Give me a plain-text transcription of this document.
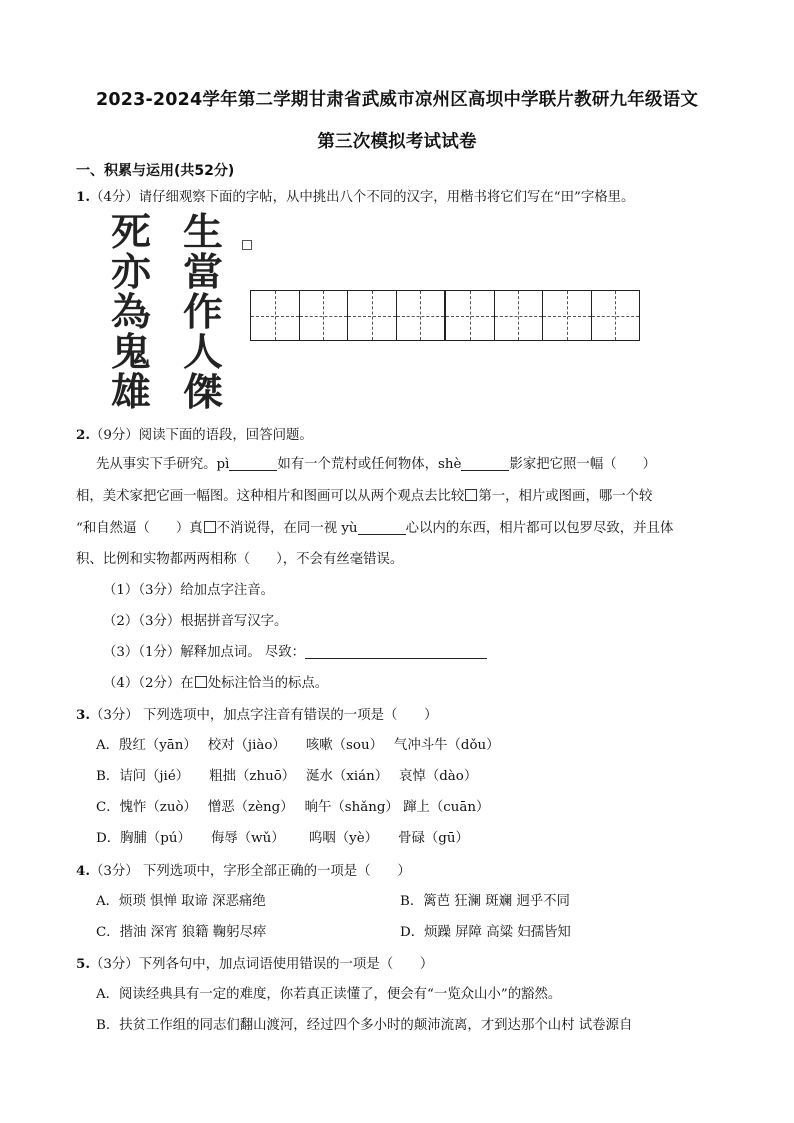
2023-2024学年第二学期甘肃省武威市凉州区高坝中学联片教研九年级语文
第三次模拟考试试卷
一、积累与运用(共52分)
1.（4分）请仔细观察下面的字帖，从中挑出八个不同的汉字，用楷书将它们写在“田”字格里。
死
亦
為
鬼
雄
生
當
作
人
傑
2.（9分）阅读下面的语段，回答问题。
先从事实下手研究。pì	如有一个荒村或任何物体，shè	影家把它照一幅（ ）
相，美术家把它画一幅图。这种相片和图画可以从两个观点去比较 第一，相片或图画，哪一个较
“和自然逼（ ）真 不消说得，在同一视 yù	心以内的东西，相片都可以包罗尽致，并且体
积、比例和实物都两两相称（ ），不会有丝毫错误。
（1）（3分）给加点字注音。
（2）（3分）根据拼音写汉字。
（3）（1分）解释加点词。 尽致：
（4）（2分）在 处标注恰当的标点。
3.（3分） 下列选项中，加点字注音有错误的一项是（　　）
A．殷红（yān）　 校对（jiào）　　咳嗽（sou）　 气冲斗牛（dǒu）
B．诘问（jié）　　粗拙（zhuō）　 涎水（xián）　 哀悼（dào）
C．愧怍（zuò）　 憎恶（zèng）　 晌午（shǎng） 蹿上（cuān）
D．胸脯（pú）　　侮辱（wǔ）　　 呜咽（yè）　　骨碌（gū）
4.（3分） 下列选项中，字形全部正确的一项是（　　）
A．烦琐 惧惮 取谛 深恶痛绝	B．篱芭 狂澜 斑斓 迥乎不同
C．揩油 深宵 狼籍 鞠躬尽瘁	D．烦躁 屏障 高粱 妇孺皆知
5.（3分）下列各句中，加点词语使用错误的一项是（　　）
A．阅读经典具有一定的难度，你若真正读懂了，便会有“一览众山小”的豁然。
B．扶贫工作组的同志们翻山渡河，经过四个多小时的颠沛流离，才到达那个山村 试卷源自
